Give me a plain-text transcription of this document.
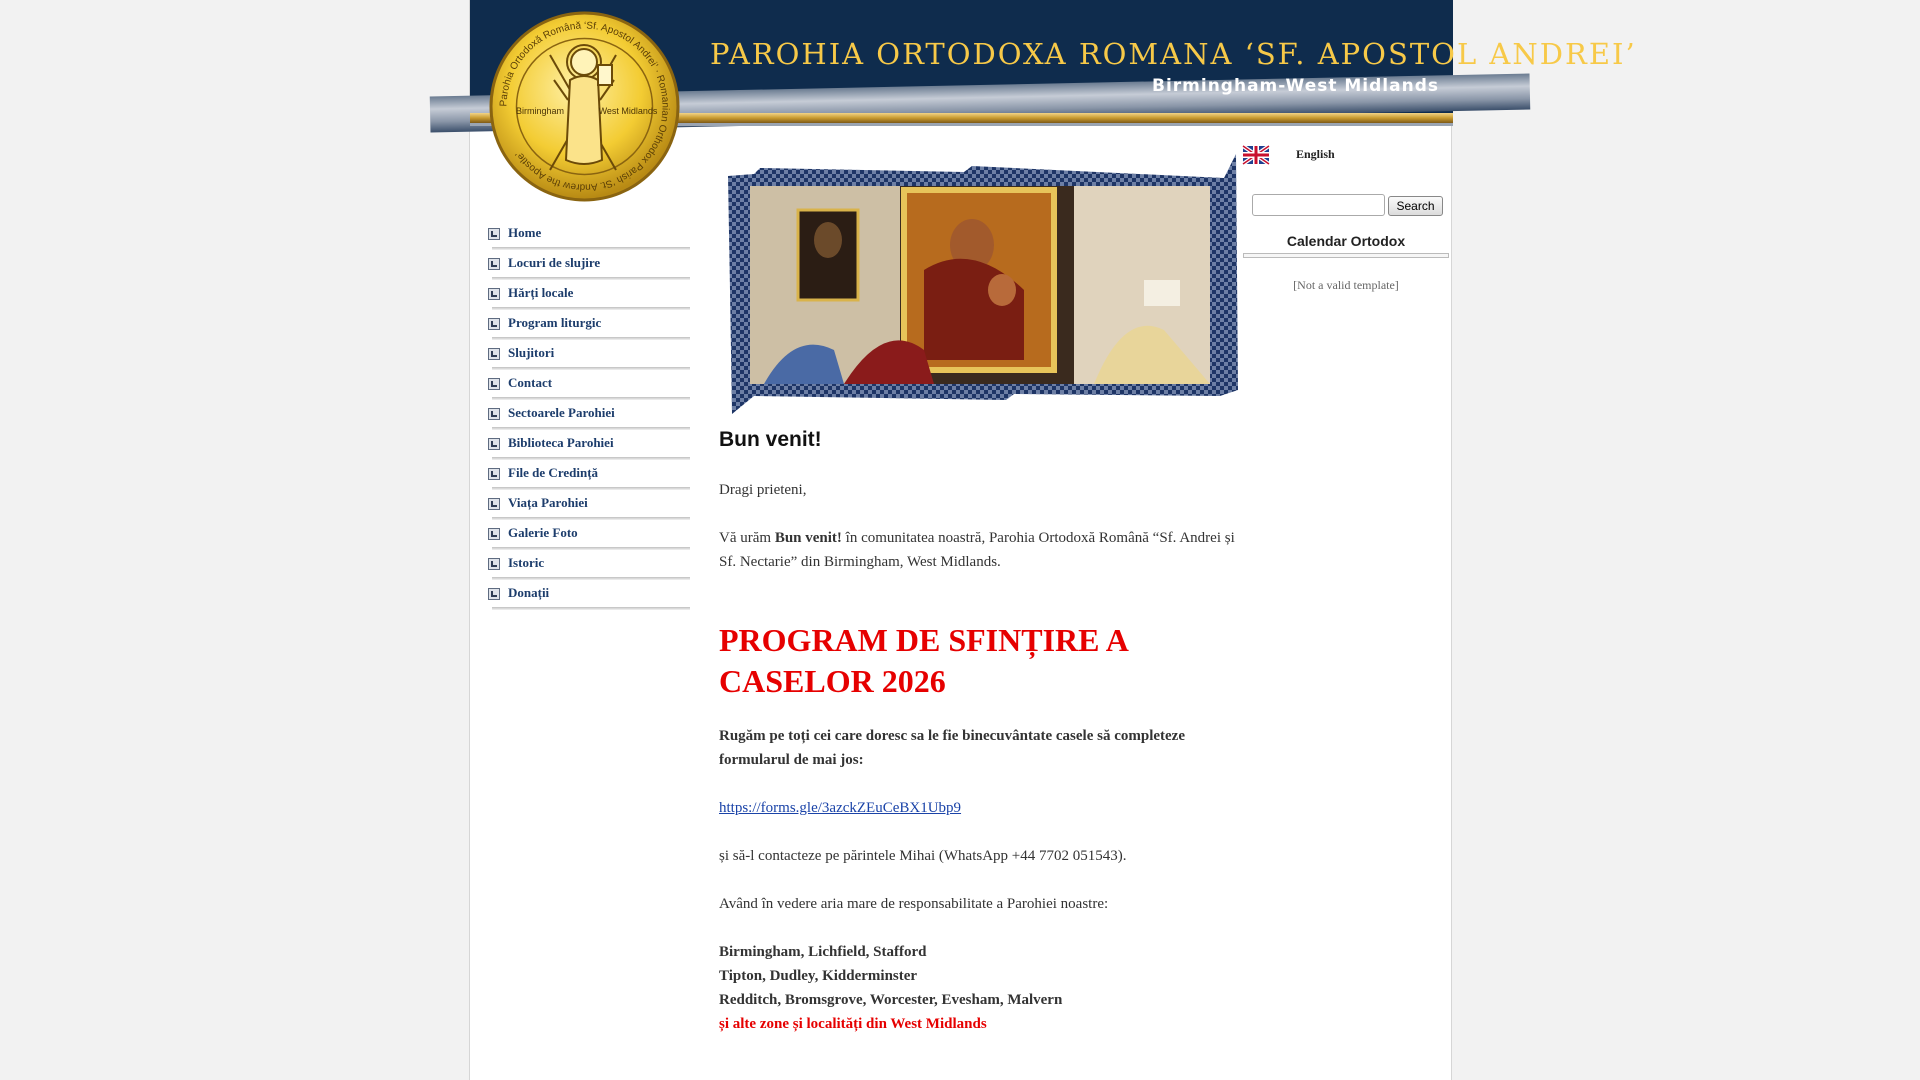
PAROHIA ORTODOXA ROMANA ‘SF. APOSTOL ANDREI’
Birmingham-West Midlands
Parohia Ortodoxă Română ‘Sf. Apostol Andrei’ · Romanian Orthodox Parish ‘St. Andrew the Apostle’
Birmingham	West Midlands
Home
Locuri de slujire
Hărți locale
Program liturgic
Slujitori
Contact
Sectoarele Parohiei
Biblioteca Parohiei
File de Credință
Viața Parohiei
Galerie Foto
Istoric
Donații
Bun venit!

Dragi prieteni,

Vă urăm Bun venit! în comunitatea noastră, Parohia Ortodoxă Română “Sf. Andrei și Sf. Nectarie” din Birmingham, West Midlands.

PROGRAM DE SFINȚIRE A CASELOR 2026

Rugăm pe toți cei care doresc sa le fie binecuvântate casele să completeze formularul de mai jos:

https://forms.gle/3azckZEuCeBX1Ubp9

și să-l contacteze pe părintele Mihai (WhatsApp +44 7702 051543).

Având în vedere aria mare de responsabilitate a Parohiei noastre:

Birmingham, Lichfield, Stafford
Tipton, Dudley, Kidderminster
Redditch, Bromsgrove, Worcester, Evesham, Malvern
și alte zone și localități din West Midlands
English
Search
Calendar Ortodox
[Not a valid template]
